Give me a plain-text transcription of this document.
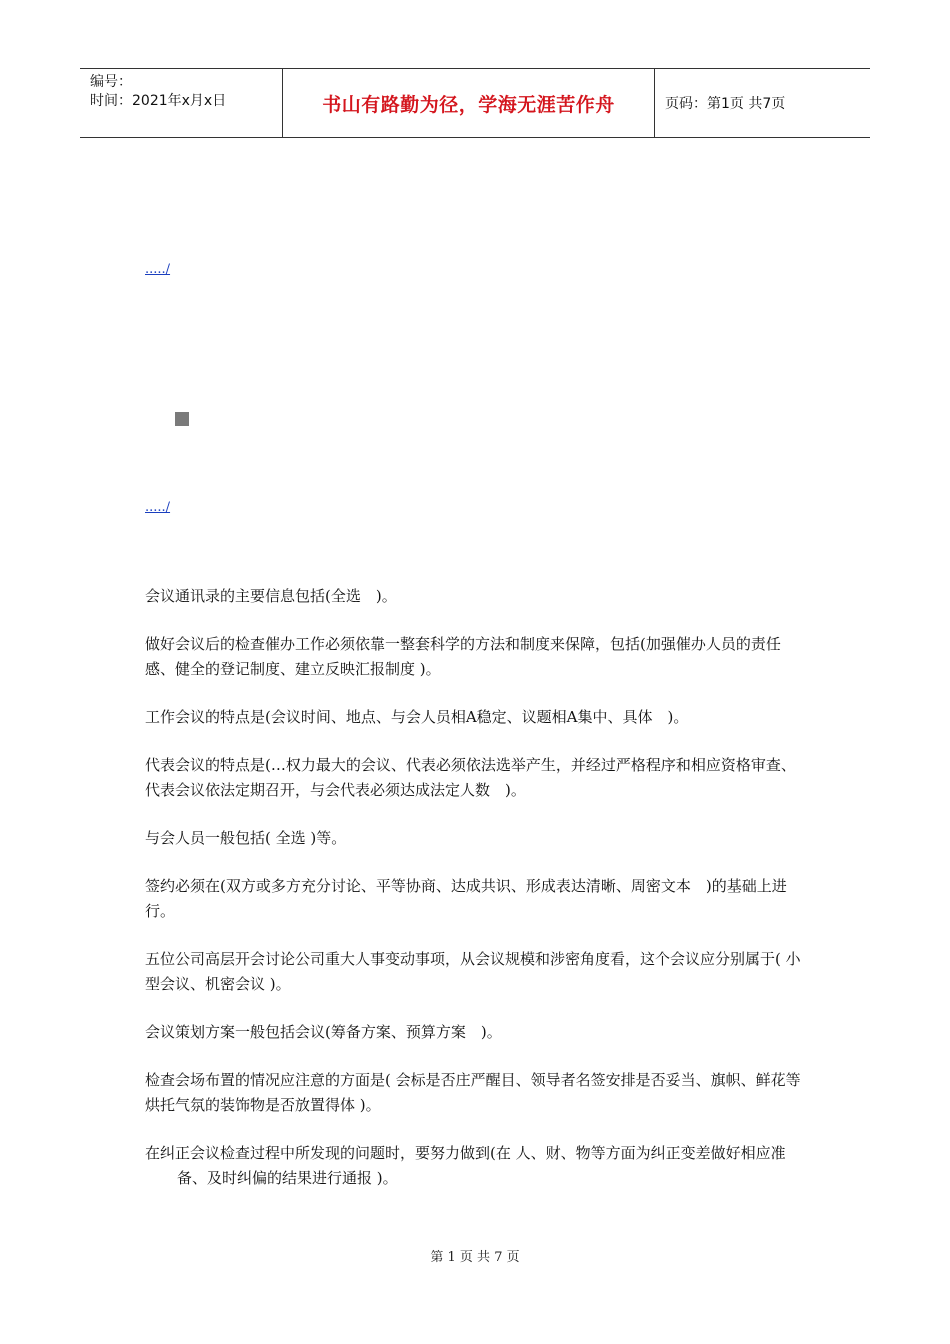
编号：
时间：2021年x月x日	书山有路勤为径，学海无涯苦作舟	页码：第1页 共7页
...../
...../

会议通讯录的主要信息包括(全选　)。

做好会议后的检查催办工作必须依靠一整套科学的方法和制度来保障，包括(加强催办人员的责任感、健全的登记制度、建立反映汇报制度 )。

工作会议的特点是(会议时间、地点、与会人员相A稳定、议题相A集中、具体　)。

代表会议的特点是(…权力最大的会议、代表必须依法选举产生，并经过严格程序和相应资格审查、代表会议依法定期召开，与会代表必须达成法定人数　)。

与会人员一般包括( 全选 )等。

签约必须在(双方或多方充分讨论、平等协商、达成共识、形成表达清晰、周密文本　)的基础上进行。

五位公司高层开会讨论公司重大人事变动事项，从会议规模和涉密角度看，这个会议应分别属于( 小型会议、机密会议 )。

会议策划方案一般包括会议(筹备方案、预算方案　)。

检查会场布置的情况应注意的方面是( 会标是否庄严醒目、领导者名签安排是否妥当、旗帜、鲜花等烘托气氛的装饰物是否放置得体 )。

在纠正会议检查过程中所发现的问题时，要努力做到(在 人、财、物等方面为纠正变差做好相应准备、及时纠偏的结果进行通报 )。

第 1 页 共 7 页
